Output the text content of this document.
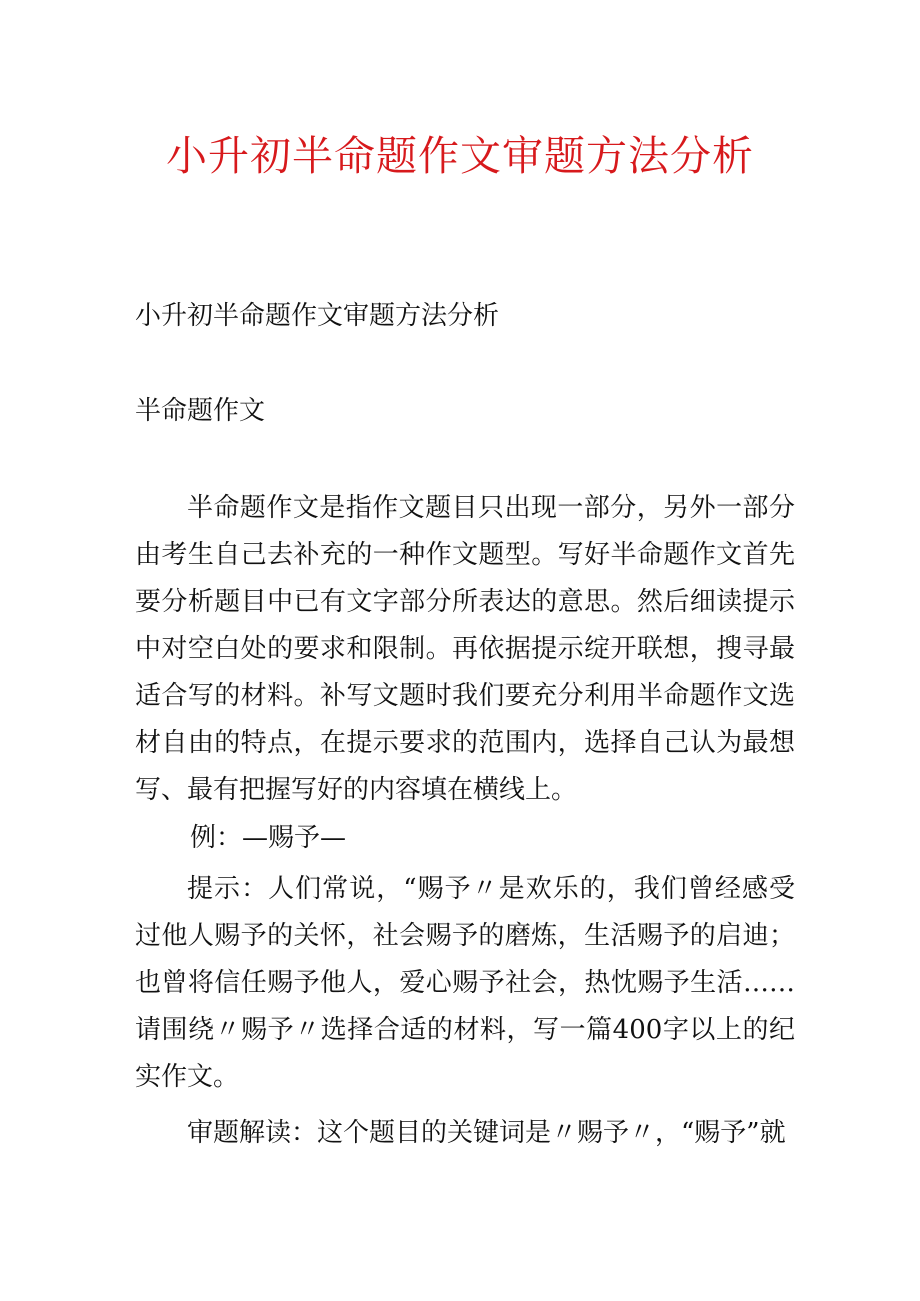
小升初半命题作文审题方法分析

小升初半命题作文审题方法分析

半命题作文

半命题作文是指作文题目只出现一部分，另外一部分由考生自己去补充的一种作文题型。写好半命题作文首先要分析题目中已有文字部分所表达的意思。然后细读提示中对空白处的要求和限制。再依据提示绽开联想，搜寻最适合写的材料。补写文题时我们要充分利用半命题作文选材自由的特点，在提示要求的范围内，选择自己认为最想写、最有把握写好的内容填在横线上。

例：—赐予—

提示：人们常说，“赐予〃是欢乐的，我们曾经感受过他人赐予的关怀，社会赐予的磨炼，生活赐予的启迪；也曾将信任赐予他人，爱心赐予社会，热忱赐予生活……请围绕〃赐予〃选择合适的材料，写一篇400字以上的纪实作文。

审题解读：这个题目的关键词是〃赐予〃，“赐予”就
